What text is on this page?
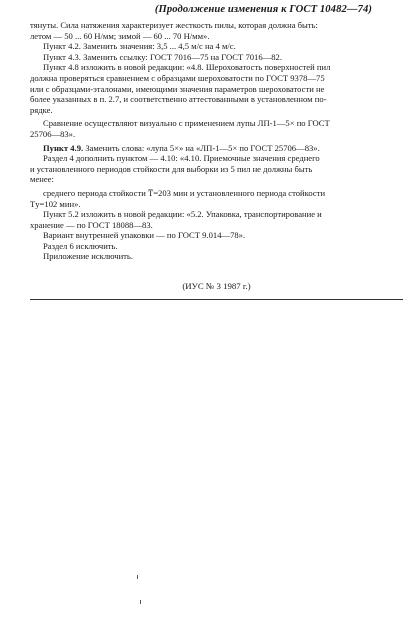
(Продолжение изменения к ГОСТ 10482—74)

тянуты. Сила натяжения характеризует жесткость пилы, которая должна быть:

летом — 50 ... 60 Н/мм; зимой — 60 ... 70 Н/мм».

Пункт 4.2. Заменить значения: 3,5 ... 4,5 м/с на 4 м/с.

Пункт 4.3. Заменить ссылку: ГОСТ 7016—75 на ГОСТ 7016—82.

Пункт 4.8 изложить в новой редакции: «4.8. Шероховатость поверхностей пил

должна проверяться сравнением с образцами шероховатости по ГОСТ 9378—75

или с образцами-эталонами, имеющими значения параметров шероховатости не

более указанных в п. 2.7, и соответственно аттестованными в установленном по-

рядке.

Сравнение осуществляют визуально с применением лупы ЛП-1—5× по ГОСТ

25706—83».

Пункт 4.9. Заменить слова: «лупа 5×» на «ЛП-1—5× по ГОСТ 25706—83».

Раздел 4 дополнить пунктом — 4.10: «4.10. Приемочные значения среднего

и установленного периодов стойкости для выборки из 5 пил не должны быть

менее:

среднего периода стойкости T̅=203 мин и установленного периода стойкости

Tу=102 мин».

Пункт 5.2 изложить в новой редакции: «5.2. Упаковка, транспортирование и

хранение — по ГОСТ 18088—83.

Вариант внутренней упаковки — по ГОСТ 9.014—78».

Раздел 6 исключить.

Приложение исключить.

(ИУС № 3 1987 г.)
